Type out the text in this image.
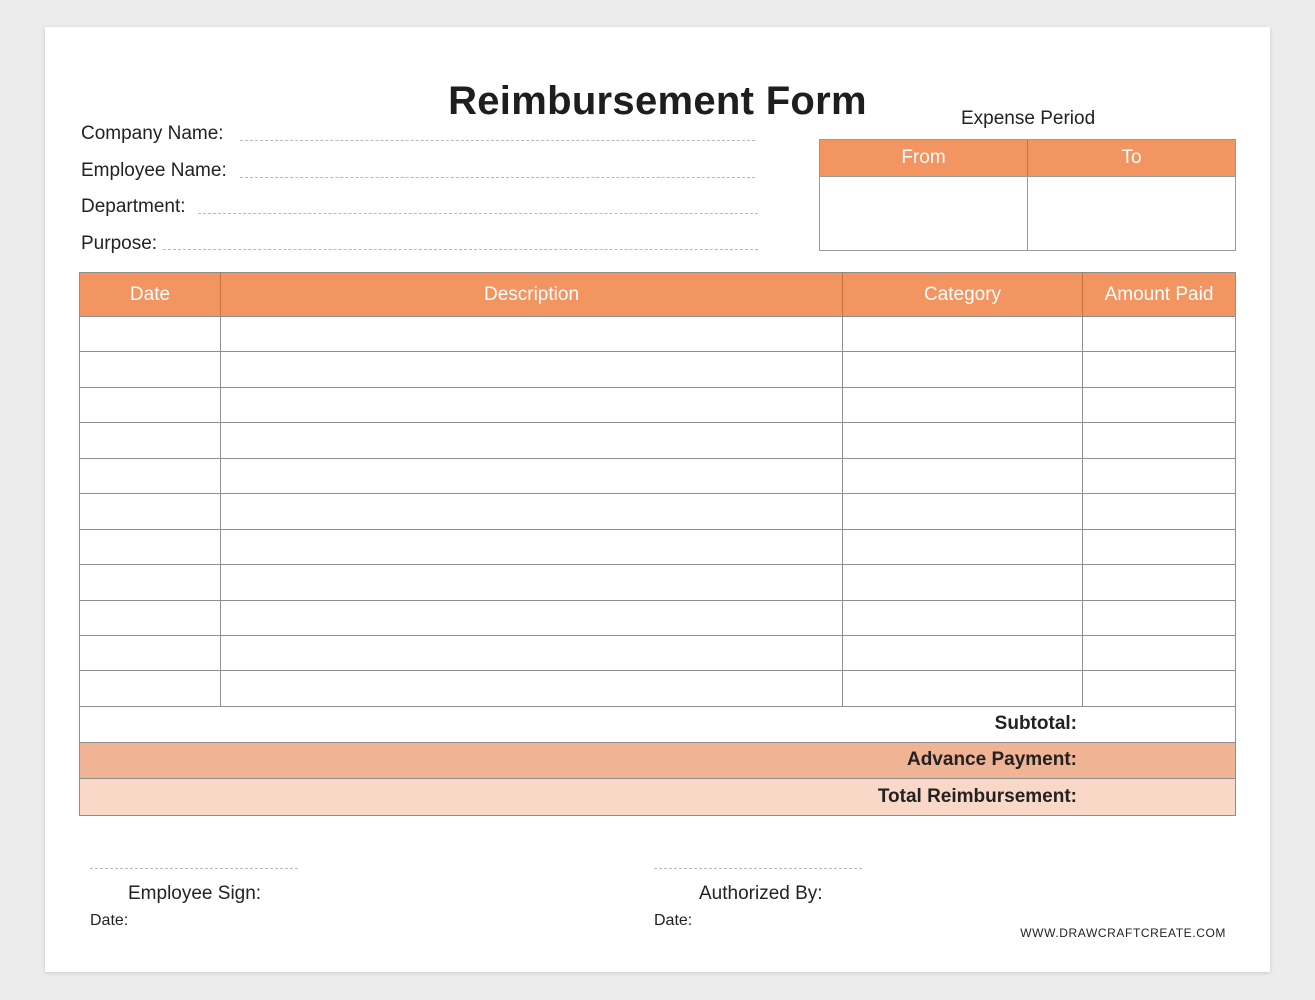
Reimbursement Form
Company Name:
Employee Name:
Department:
Purpose:
Expense Period
From	To
Date	Description	Category	Amount Paid
Subtotal:
Advance Payment:
Total Reimbursement:
Employee Sign:
Date:
Authorized By:
Date:
WWW.DRAWCRAFTCREATE.COM
